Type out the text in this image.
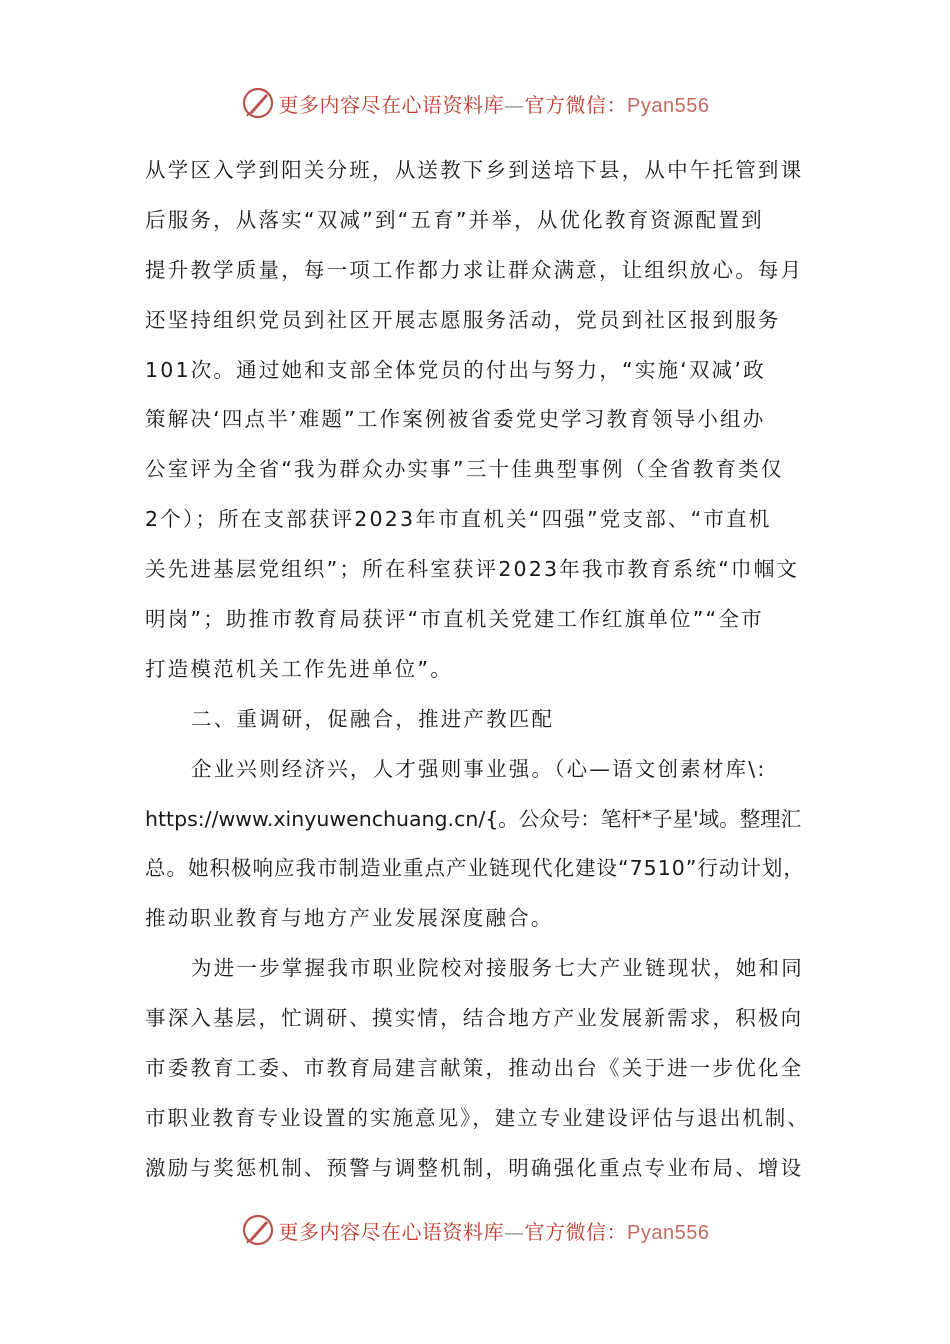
更多内容尽在心语资料库—官方微信：Pyan556
从学区入学到阳关分班，从送教下乡到送培下县，从中午托管到课
后服务，从落实“双减”到“五育”并举，从优化教育资源配置到
提升教学质量，每一项工作都力求让群众满意，让组织放心。每月
还坚持组织党员到社区开展志愿服务活动，党员到社区报到服务
101次。通过她和支部全体党员的付出与努力，“实施‘双减’政
策解决‘四点半’难题”工作案例被省委党史学习教育领导小组办
公室评为全省“我为群众办实事”三十佳典型事例（全省教育类仅
2个）；所在支部获评2023年市直机关“四强”党支部、“市直机
关先进基层党组织”；所在科室获评2023年我市教育系统“巾帼文
明岗”；助推市教育局获评“市直机关党建工作红旗单位”“全市
打造模范机关工作先进单位”。
二、重调研，促融合，推进产教匹配
企业兴则经济兴，人才强则事业强。（心—语文创素材库\:
https://www.xinyuwenchuang.cn/{。公众号：笔杆*子星'域。整理汇
总。她积极响应我市制造业重点产业链现代化建设“7510”行动计划，
推动职业教育与地方产业发展深度融合。
为进一步掌握我市职业院校对接服务七大产业链现状，她和同
事深入基层，忙调研、摸实情，结合地方产业发展新需求，积极向
市委教育工委、市教育局建言献策，推动出台《关于进一步优化全
市职业教育专业设置的实施意见》，建立专业建设评估与退出机制、
激励与奖惩机制、预警与调整机制，明确强化重点专业布局、增设
更多内容尽在心语资料库—官方微信：Pyan556
